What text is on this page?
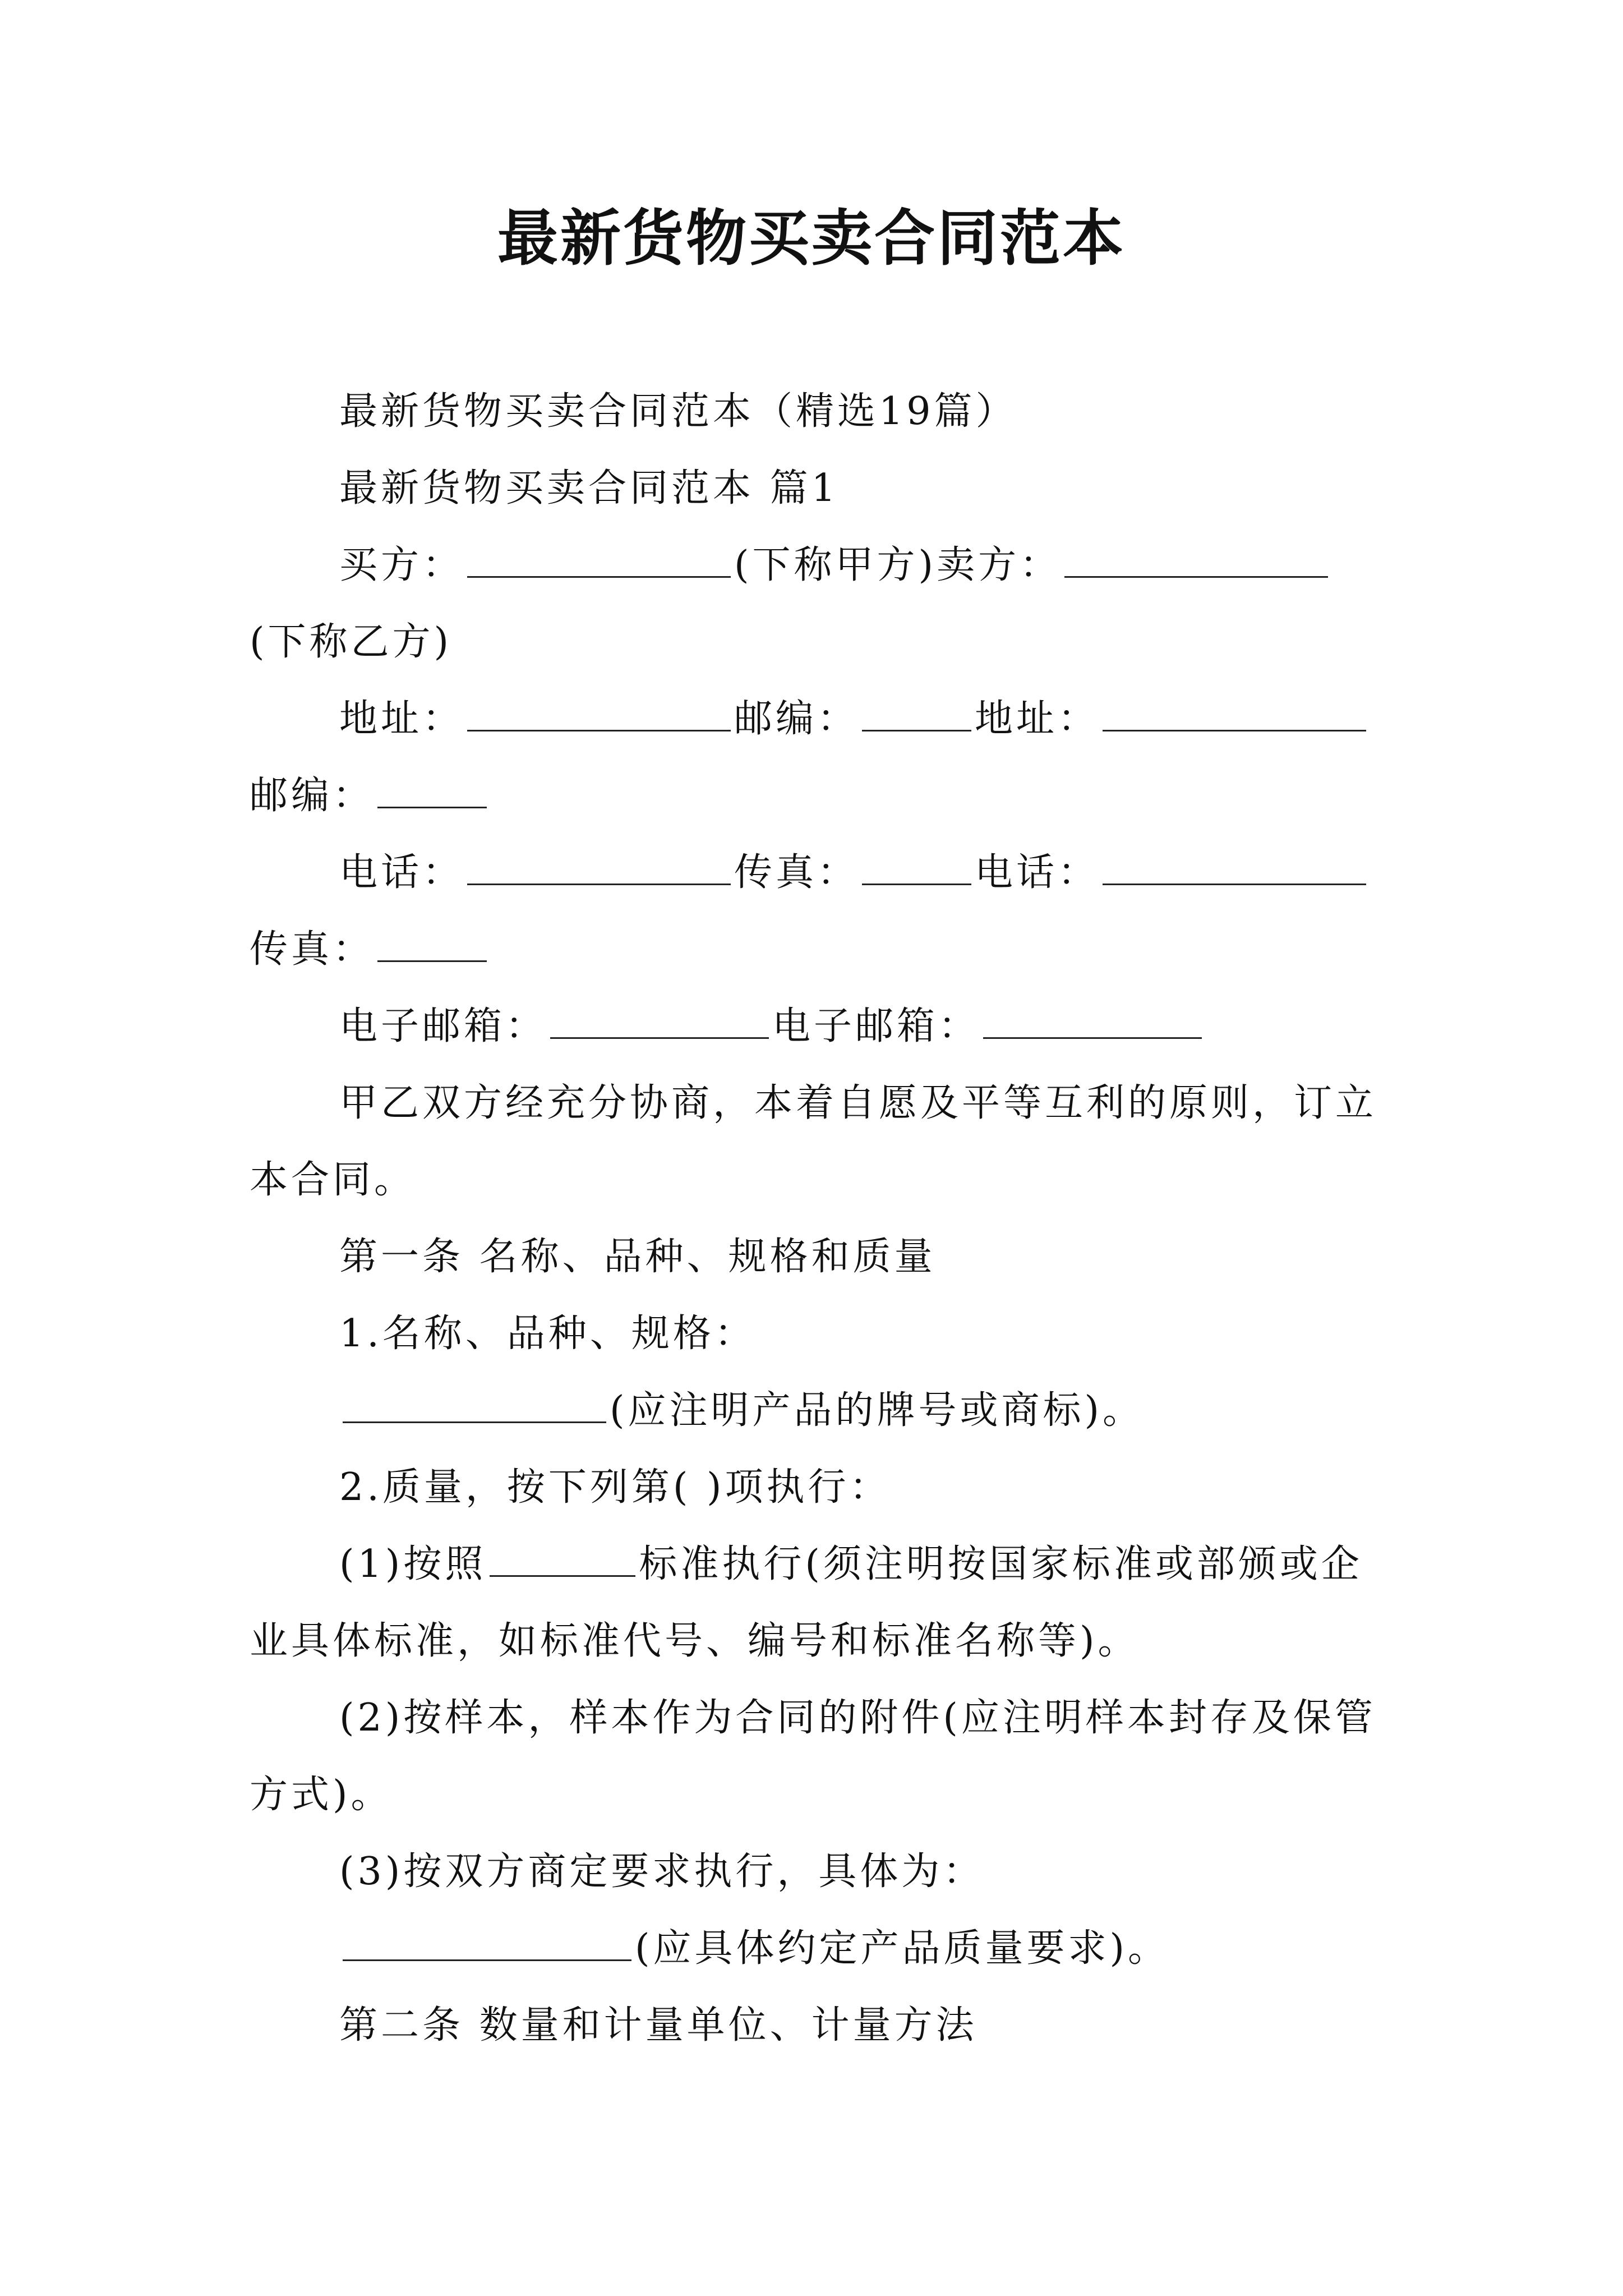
最新货物买卖合同范本

最新货物买卖合同范本（精选19篇）

最新货物买卖合同范本 篇1

买方：	(下称甲方)卖方：(下称乙方)

地址：	邮编：	地址：邮编：

电话：	传真：	电话：传真：

电子邮箱：	电子邮箱：

甲乙双方经充分协商，本着自愿及平等互利的原则，订立本合同。

第一条 名称、品种、规格和质量

1.名称、品种、规格：

(应注明产品的牌号或商标)。

2.质量，按下列第( )项执行：

(1)按照	标准执行(须注明按国家标准或部颁或企业具体标准，如标准代号、编号和标准名称等)。

(2)按样本，样本作为合同的附件(应注明样本封存及保管方式)。

(3)按双方商定要求执行，具体为：

(应具体约定产品质量要求)。

第二条 数量和计量单位、计量方法
